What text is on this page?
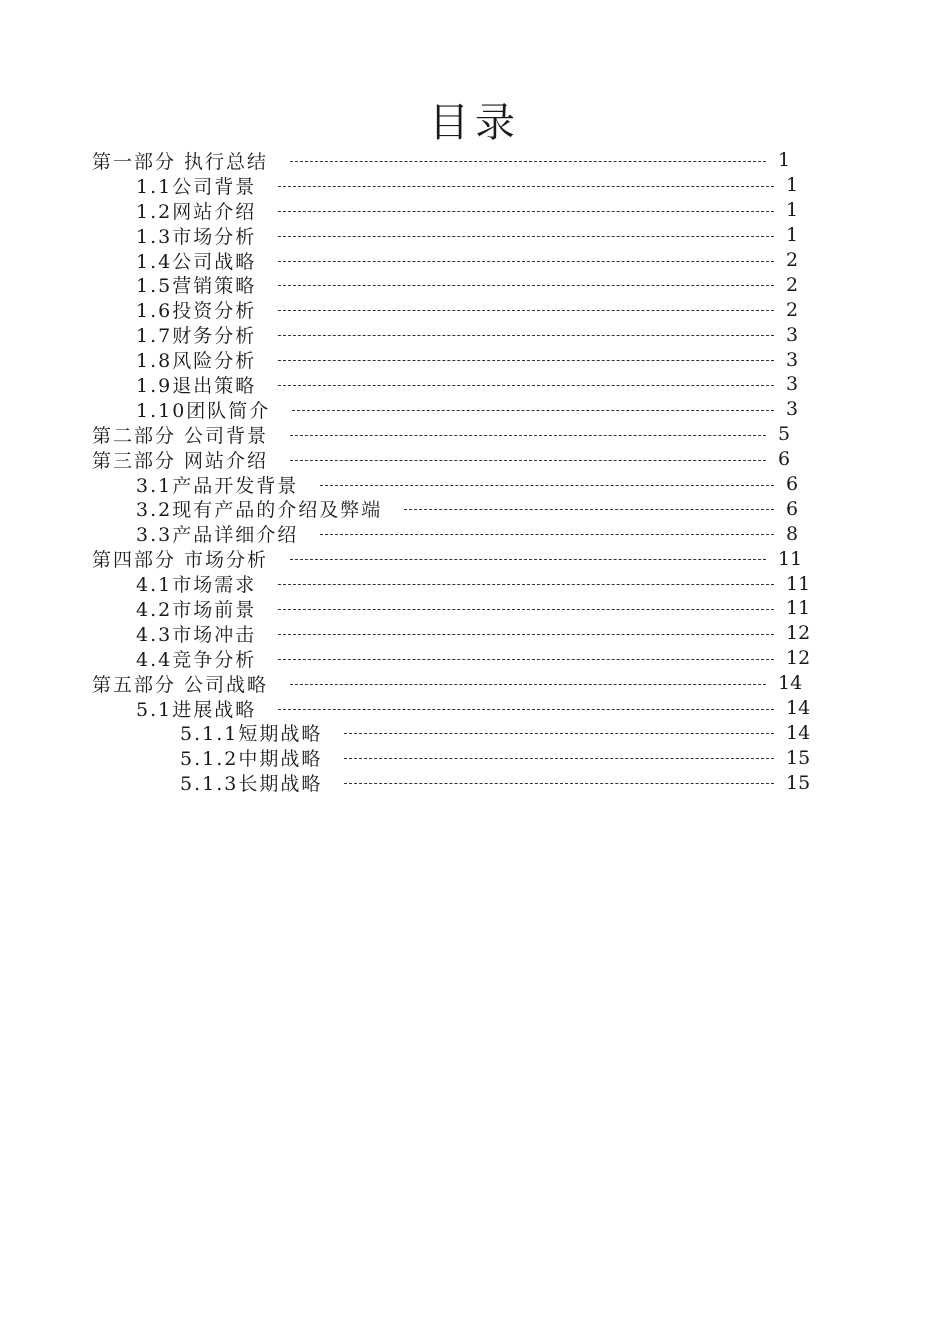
目录
第一部分 执行总结	1
1.1公司背景	1
1.2网站介绍	1
1.3市场分析	1
1.4公司战略	2
1.5营销策略	2
1.6投资分析	2
1.7财务分析	3
1.8风险分析	3
1.9退出策略	3
1.10团队简介	3
第二部分 公司背景	5
第三部分 网站介绍	6
3.1产品开发背景	6
3.2现有产品的介绍及弊端	6
3.3产品详细介绍	8
第四部分 市场分析	11
4.1市场需求	11
4.2市场前景	11
4.3市场冲击	12
4.4竞争分析	12
第五部分 公司战略	14
5.1进展战略	14
5.1.1短期战略	14
5.1.2中期战略	15
5.1.3长期战略	15
